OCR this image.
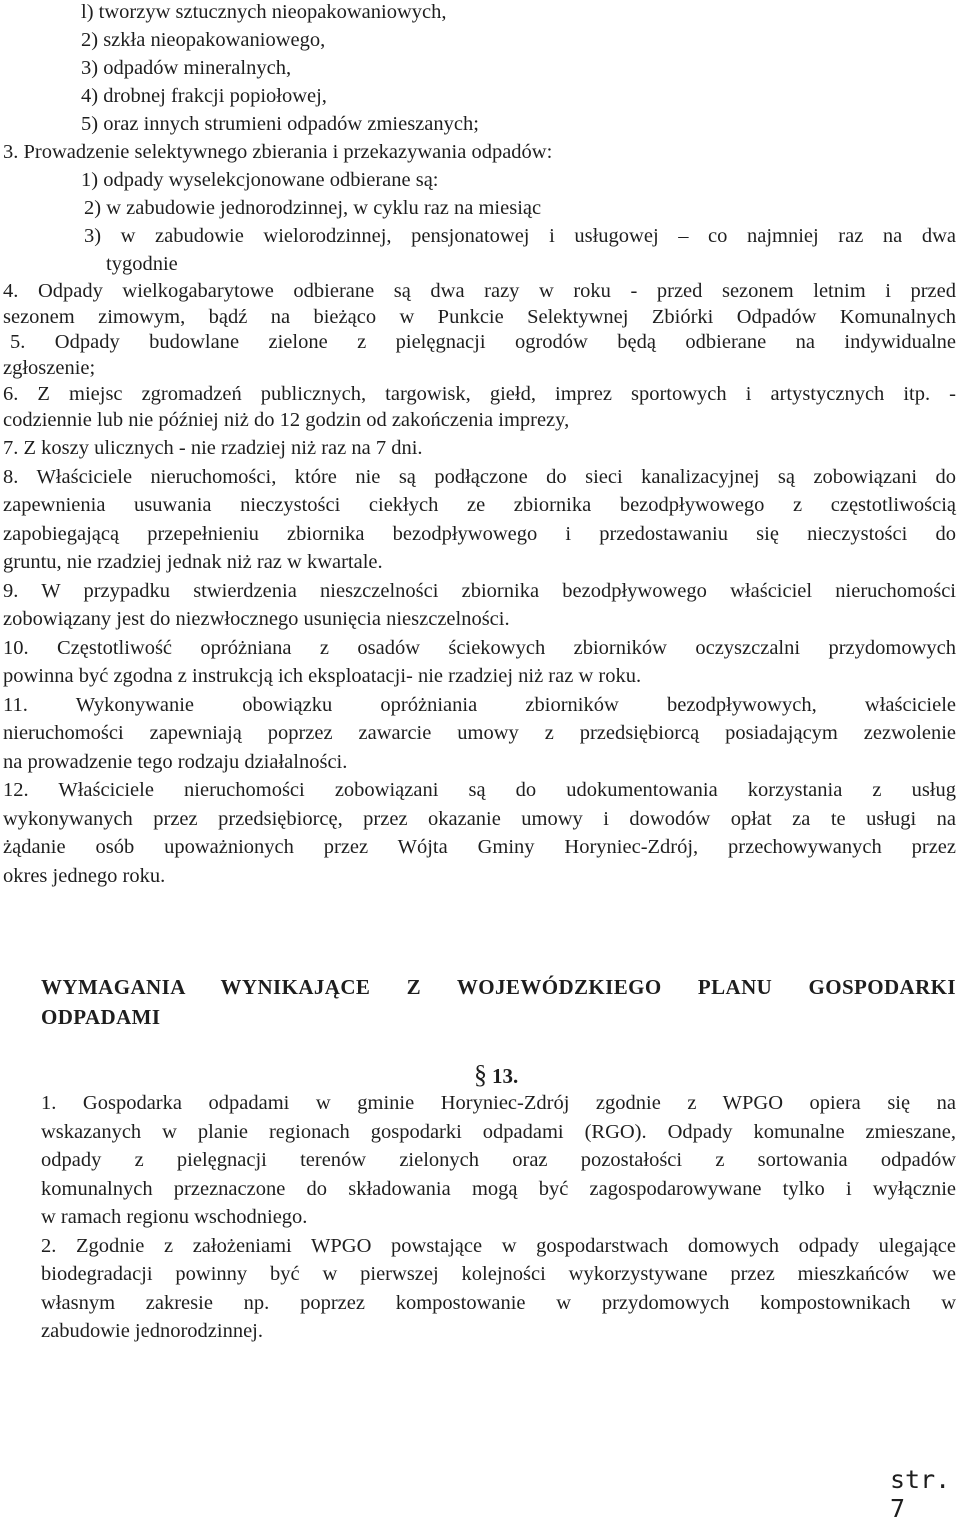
l) tworzyw sztucznych nieopakowaniowych,
2) szkła nieopakowaniowego,
3) odpadów mineralnych,
4) drobnej frakcji popiołowej,
5) oraz innych strumieni odpadów zmieszanych;
3. Prowadzenie selektywnego zbierania i przekazywania odpadów:
1) odpady wyselekcjonowane odbierane są:
2) w zabudowie jednorodzinnej, w cyklu raz na miesiąc
3) w zabudowie wielorodzinnej, pensjonatowej i usługowej – co najmniej raz na dwa
tygodnie
4. Odpady wielkogabarytowe odbierane są dwa razy w roku - przed sezonem letnim i przed
sezonem zimowym, bądź na bieżąco w Punkcie Selektywnej Zbiórki Odpadów Komunalnych
5. Odpady budowlane zielone z pielęgnacji ogrodów będą odbierane na indywidualne
zgłoszenie;
6. Z miejsc zgromadzeń publicznych, targowisk, giełd, imprez sportowych i artystycznych itp. -
codziennie lub nie później niż do 12 godzin od zakończenia imprezy,
7. Z koszy ulicznych - nie rzadziej niż raz na 7 dni.
8. Właściciele nieruchomości, które nie są podłączone do sieci kanalizacyjnej są zobowiązani do
zapewnienia usuwania nieczystości ciekłych ze zbiornika bezodpływowego z częstotliwością
zapobiegającą przepełnieniu zbiornika bezodpływowego i przedostawaniu się nieczystości do
gruntu, nie rzadziej jednak niż raz w kwartale.
9. W przypadku stwierdzenia nieszczelności zbiornika bezodpływowego właściciel nieruchomości
zobowiązany jest do niezwłocznego usunięcia nieszczelności.
10. Częstotliwość opróżniana z osadów ściekowych zbiorników oczyszczalni przydomowych
powinna być zgodna z instrukcją ich eksploatacji- nie rzadziej niż raz w roku.
11. Wykonywanie obowiązku opróżniania zbiorników bezodpływowych, właściciele
nieruchomości zapewniają poprzez zawarcie umowy z przedsiębiorcą posiadającym zezwolenie
na prowadzenie tego rodzaju działalności.
12. Właściciele nieruchomości zobowiązani są do udokumentowania korzystania z usług
wykonywanych przez przedsiębiorcę, przez okazanie umowy i dowodów opłat za te usługi na
żądanie osób upoważnionych przez Wójta Gminy Horyniec-Zdrój, przechowywanych przez
okres jednego roku.
WYMAGANIA WYNIKAJĄCE Z WOJEWÓDZKIEGO PLANU GOSPODARKI
ODPADAMI
§ 13.
1. Gospodarka odpadami w gminie Horyniec-Zdrój zgodnie z WPGO opiera się na
wskazanych w planie regionach gospodarki odpadami (RGO). Odpady komunalne zmieszane,
odpady z pielęgnacji terenów zielonych oraz pozostałości z sortowania odpadów
komunalnych przeznaczone do składowania mogą być zagospodarowywane tylko i wyłącznie
w ramach regionu wschodniego.
2. Zgodnie z założeniami WPGO powstające w gospodarstwach domowych odpady ulegające
biodegradacji powinny być w pierwszej kolejności wykorzystywane przez mieszkańców we
własnym zakresie np. poprzez kompostowanie w przydomowych kompostownikach w
zabudowie jednorodzinnej.
str. 7
